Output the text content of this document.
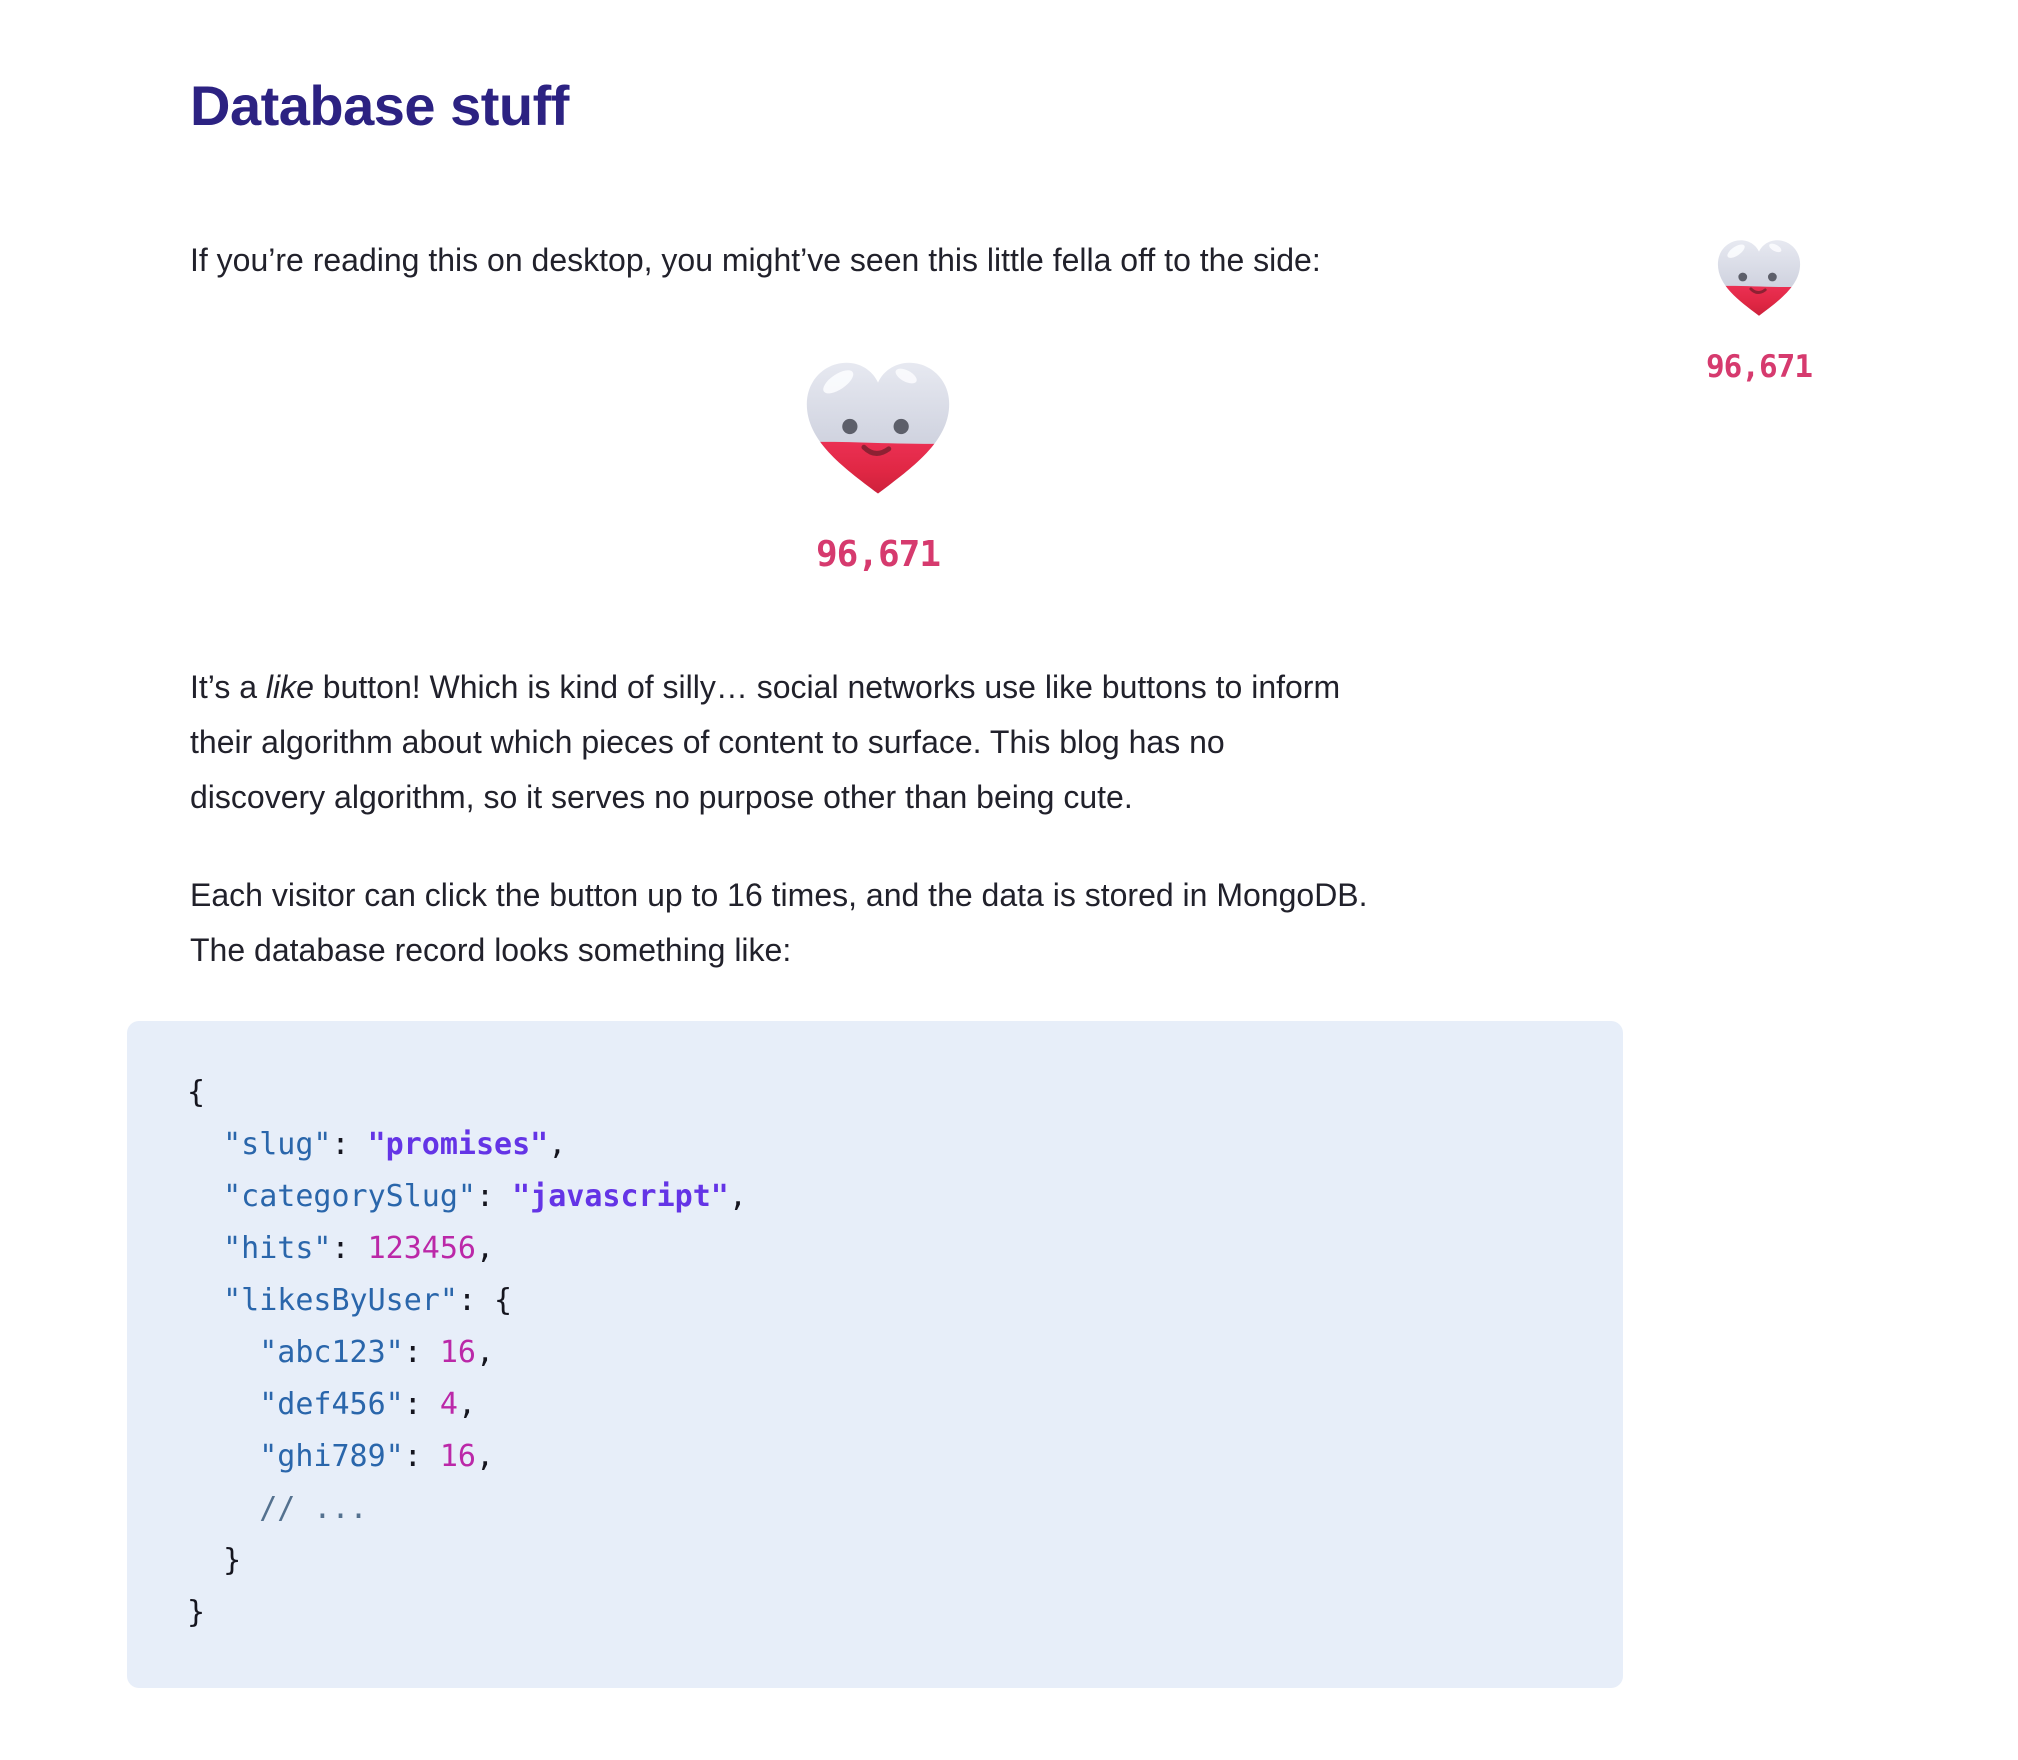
Database stuff
If you’re reading this on desktop, you might’ve seen this little fella off to the side:
96,671
96,671
It’s a like button! Which is kind of silly… social networks use like buttons to inform
their algorithm about which pieces of content to surface. This blog has no
discovery algorithm, so it serves no purpose other than being cute.
Each visitor can click the button up to 16 times, and the data is stored in MongoDB.
The database record looks something like:
{
"slug": "promises",
"categorySlug": "javascript",
"hits": 123456,
"likesByUser": {
"abc123": 16,
"def456": 4,
"ghi789": 16,
// ...
}
}
